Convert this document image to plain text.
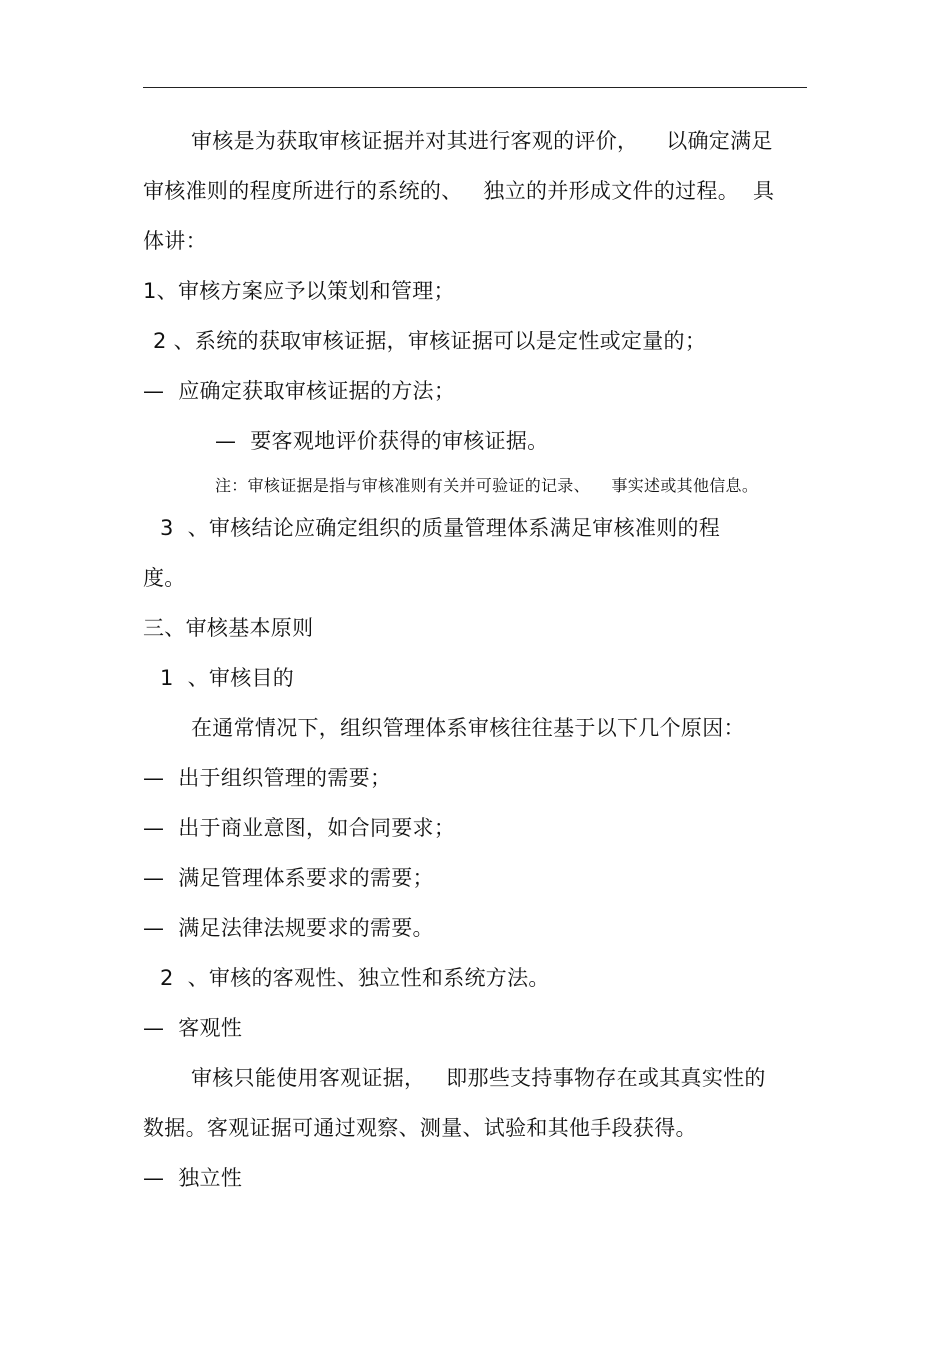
审核是为获取审核证据并对其进行客观的评价，    以确定满足
审核准则的程度所进行的系统的、   独立的并形成文件的过程。  具
体讲：
1、审核方案应予以策划和管理；
2 、系统的获取审核证据，审核证据可以是定性或定量的；
—  应确定获取审核证据的方法；
—  要客观地评价获得的审核证据。
注：审核证据是指与审核准则有关并可验证的记录、    事实述或其他信息。
3  、审核结论应确定组织的质量管理体系满足审核准则的程
度。
三、审核基本原则
1  、审核目的
在通常情况下，组织管理体系审核往往基于以下几个原因：
—  出于组织管理的需要；
—  出于商业意图，如合同要求；
—  满足管理体系要求的需要；
—  满足法律法规要求的需要。
2  、审核的客观性、独立性和系统方法。
—  客观性
审核只能使用客观证据，   即那些支持事物存在或其真实性的
数据。客观证据可通过观察、测量、试验和其他手段获得。
—  独立性
